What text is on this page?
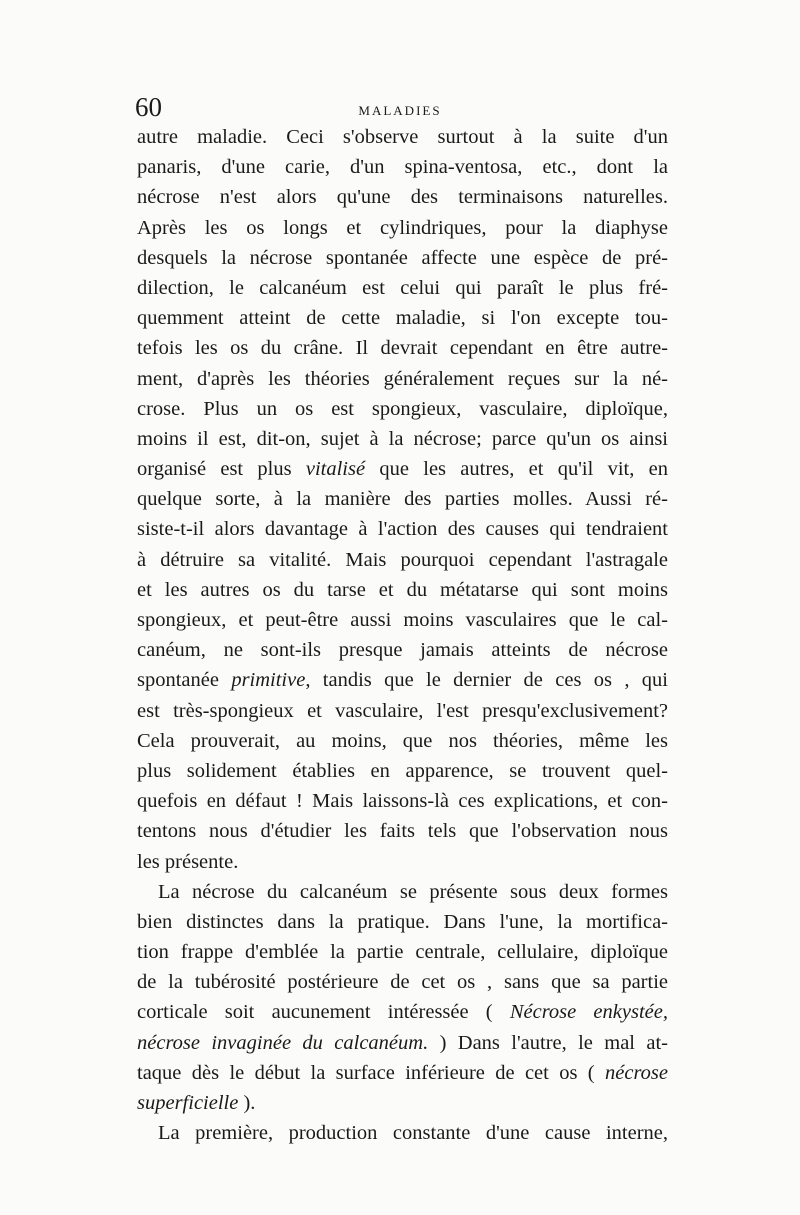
60	MALADIES
autre maladie. Ceci s'observe surtout à la suite d'un
panaris, d'une carie, d'un spina-ventosa, etc., dont la
nécrose n'est alors qu'une des terminaisons naturelles.
Après les os longs et cylindriques, pour la diaphyse
desquels la nécrose spontanée affecte une espèce de pré-
dilection, le calcanéum est celui qui paraît le plus fré-
quemment atteint de cette maladie, si l'on excepte tou-
tefois les os du crâne. Il devrait cependant en être autre-
ment, d'après les théories généralement reçues sur la né-
crose. Plus un os est spongieux, vasculaire, diploïque,
moins il est, dit-on, sujet à la nécrose; parce qu'un os ainsi
organisé est plus vitalisé que les autres, et qu'il vit, en
quelque sorte, à la manière des parties molles. Aussi ré-
siste-t-il alors davantage à l'action des causes qui tendraient
à détruire sa vitalité. Mais pourquoi cependant l'astragale
et les autres os du tarse et du métatarse qui sont moins
spongieux, et peut-être aussi moins vasculaires que le cal-
canéum, ne sont-ils presque jamais atteints de nécrose
spontanée primitive, tandis que le dernier de ces os , qui
est très-spongieux et vasculaire, l'est presqu'exclusivement?
Cela prouverait, au moins, que nos théories, même les
plus solidement établies en apparence, se trouvent quel-
quefois en défaut ! Mais laissons-là ces explications, et con-
tentons nous d'étudier les faits tels que l'observation nous
les présente.
La nécrose du calcanéum se présente sous deux formes
bien distinctes dans la pratique. Dans l'une, la mortifica-
tion frappe d'emblée la partie centrale, cellulaire, diploïque
de la tubérosité postérieure de cet os , sans que sa partie
corticale soit aucunement intéressée ( Nécrose enkystée,
nécrose invaginée du calcanéum. ) Dans l'autre, le mal at-
taque dès le début la surface inférieure de cet os ( nécrose
superficielle ).
La première, production constante d'une cause interne,
